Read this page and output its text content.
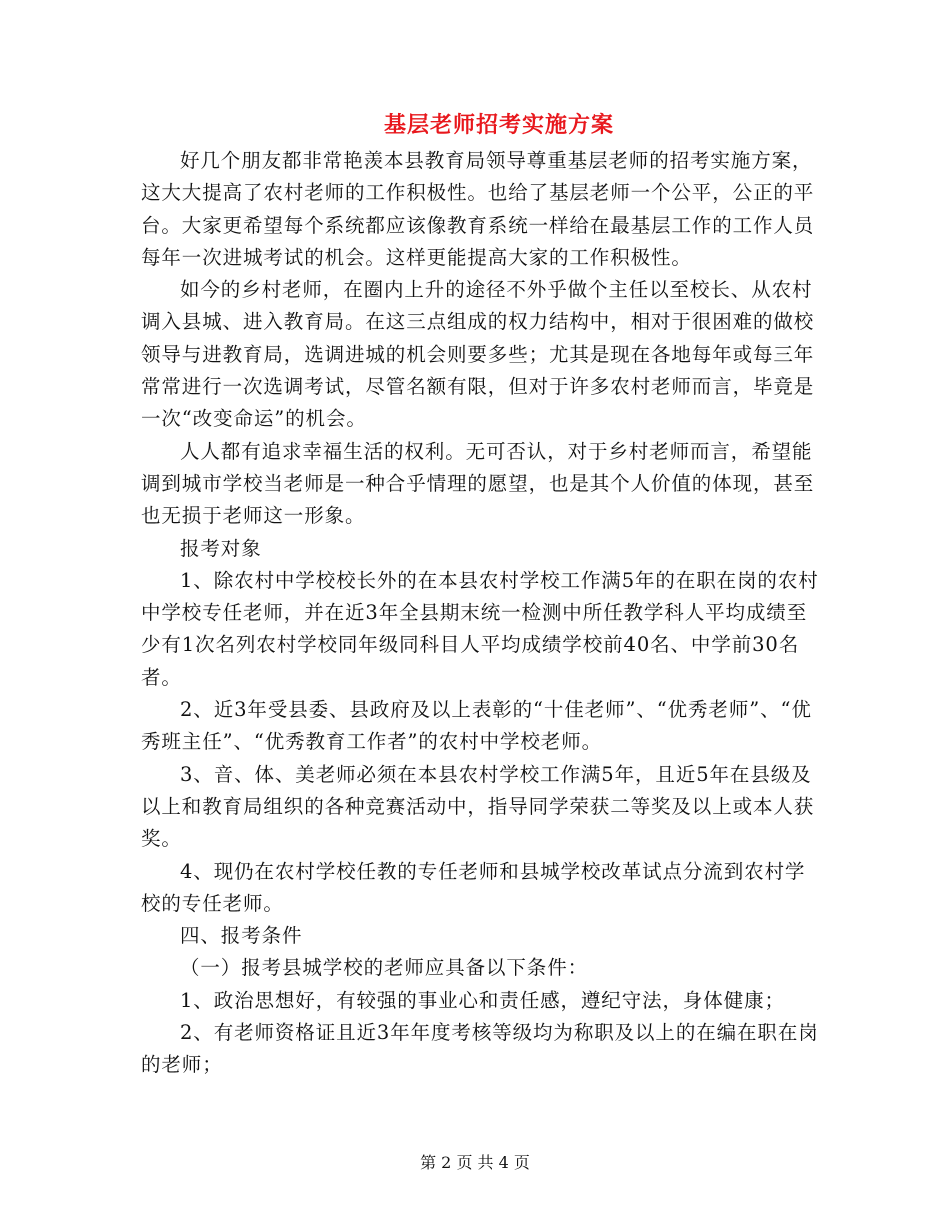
基层老师招考实施方案

好几个朋友都非常艳羡本县教育局领导尊重基层老师的招考实施方案，这大大提高了农村老师的工作积极性。也给了基层老师一个公平，公正的平台。大家更希望每个系统都应该像教育系统一样给在最基层工作的工作人员每年一次进城考试的机会。这样更能提高大家的工作积极性。

如今的乡村老师，在圈内上升的途径不外乎做个主任以至校长、从农村调入县城、进入教育局。在这三点组成的权力结构中，相对于很困难的做校领导与进教育局，选调进城的机会则要多些；尤其是现在各地每年或每三年常常进行一次选调考试，尽管名额有限，但对于许多农村老师而言，毕竟是一次“改变命运”的机会。

人人都有追求幸福生活的权利。无可否认，对于乡村老师而言，希望能调到城市学校当老师是一种合乎情理的愿望，也是其个人价值的体现，甚至也无损于老师这一形象。

报考对象

1、除农村中学校校长外的在本县农村学校工作满5年的在职在岗的农村中学校专任老师，并在近3年全县期末统一检测中所任教学科人平均成绩至少有1次名列农村学校同年级同科目人平均成绩学校前40名、中学前30名者。

2、近3年受县委、县政府及以上表彰的“十佳老师”、“优秀老师”、“优秀班主任”、“优秀教育工作者”的农村中学校老师。

3、音、体、美老师必须在本县农村学校工作满5年，且近5年在县级及以上和教育局组织的各种竞赛活动中，指导同学荣获二等奖及以上或本人获奖。

4、现仍在农村学校任教的专任老师和县城学校改革试点分流到农村学校的专任老师。

四、报考条件

（一）报考县城学校的老师应具备以下条件：

1、政治思想好，有较强的事业心和责任感，遵纪守法，身体健康；

2、有老师资格证且近3年年度考核等级均为称职及以上的在编在职在岗的老师；

第 2 页 共 4 页
